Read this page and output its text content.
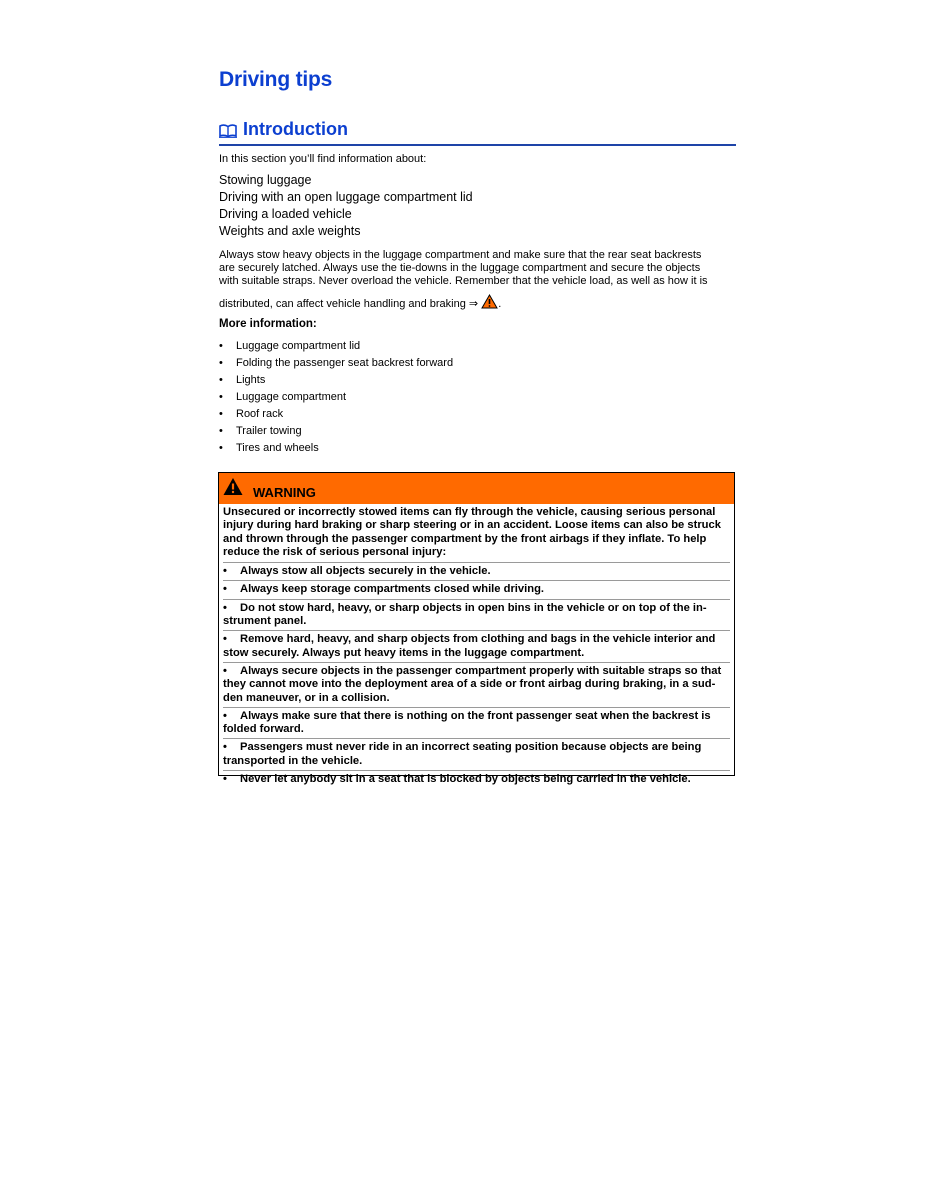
Driving tips
Introduction
In this section you’ll find information about:
Stowing luggage
Driving with an open luggage compartment lid
Driving a loaded vehicle
Weights and axle weights
Always stow heavy objects in the luggage compartment and make sure that the rear seat backrests
are securely latched. Always use the tie-downs in the luggage compartment and secure the objects
with suitable straps. Never overload the vehicle. Remember that the vehicle load, as well as how it is
distributed, can affect vehicle handling and braking ⇒ .
More information:
• Luggage compartment lid
• Folding the passenger seat backrest forward
• Lights
• Luggage compartment
• Roof rack
• Trailer towing
• Tires and wheels
WARNING
Unsecured or incorrectly stowed items can fly through the vehicle, causing serious personal injury during hard braking or sharp steering or in an accident. Loose items can also be struck and thrown through the passenger compartment by the front airbags if they inflate. To help reduce the risk of serious personal injury:
• Always stow all objects securely in the vehicle.
• Always keep storage compartments closed while driving.
• Do not stow hard, heavy, or sharp objects in open bins in the vehicle or on top of the in- strument panel.
• Remove hard, heavy, and sharp objects from clothing and bags in the vehicle interior and stow securely. Always put heavy items in the luggage compartment.
• Always secure objects in the passenger compartment properly with suitable straps so that they cannot move into the deployment area of a side or front airbag during braking, in a sud- den maneuver, or in a collision.
• Always make sure that there is nothing on the front passenger seat when the backrest is folded forward.
• Passengers must never ride in an incorrect seating position because objects are being transported in the vehicle.
• Never let anybody sit in a seat that is blocked by objects being carried in the vehicle.
